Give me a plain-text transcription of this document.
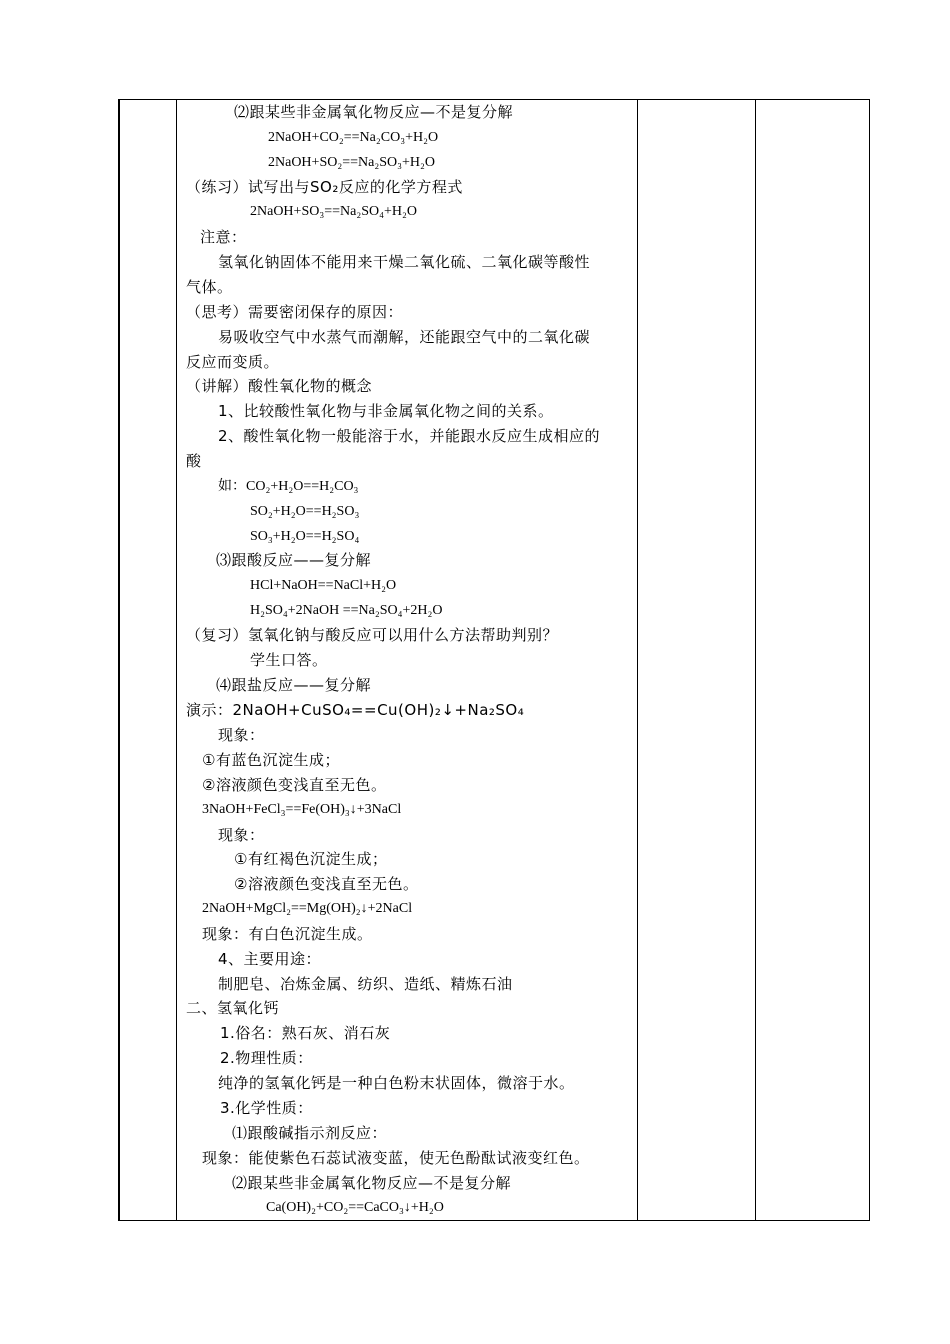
⑵跟某些非金属氧化物反应—不是复分解
2NaOH+CO₂==Na₂CO₃+H₂O
2NaOH+SO₂==Na₂SO₃+H₂O
（练习）试写出与SO₂反应的化学方程式
2NaOH+SO₃==Na₂SO₄+H₂O
注意：
氢氧化钠固体不能用来干燥二氧化硫、二氧化碳等酸性
气体。
（思考）需要密闭保存的原因：
易吸收空气中水蒸气而潮解，还能跟空气中的二氧化碳
反应而变质。
（讲解）酸性氧化物的概念
1、比较酸性氧化物与非金属氧化物之间的关系。
2、酸性氧化物一般能溶于水，并能跟水反应生成相应的
酸
如：CO₂+H₂O==H₂CO₃
SO₂+H₂O==H₂SO₃
SO₃+H₂O==H₂SO₄
⑶跟酸反应——复分解
HCl+NaOH==NaCl+H₂O
H₂SO₄+2NaOH ==Na₂SO₄+2H₂O
（复习）氢氧化钠与酸反应可以用什么方法帮助判别？
学生口答。
⑷跟盐反应——复分解
演示：2NaOH+CuSO₄==Cu(OH)₂↓+Na₂SO₄
现象：
①有蓝色沉淀生成；
②溶液颜色变浅直至无色。
3NaOH+FeCl₃==Fe(OH)₃↓+3NaCl
现象：
①有红褐色沉淀生成；
②溶液颜色变浅直至无色。
2NaOH+MgCl₂==Mg(OH)₂↓+2NaCl
现象：有白色沉淀生成。
4、主要用途：
制肥皂、冶炼金属、纺织、造纸、精炼石油
二、氢氧化钙
1.俗名：熟石灰、消石灰
2.物理性质：
纯净的氢氧化钙是一种白色粉末状固体，微溶于水。
3.化学性质：
⑴跟酸碱指示剂反应：
现象：能使紫色石蕊试液变蓝，使无色酚酞试液变红色。
⑵跟某些非金属氧化物反应—不是复分解
Ca(OH)₂+CO₂==CaCO₃↓+H₂O
